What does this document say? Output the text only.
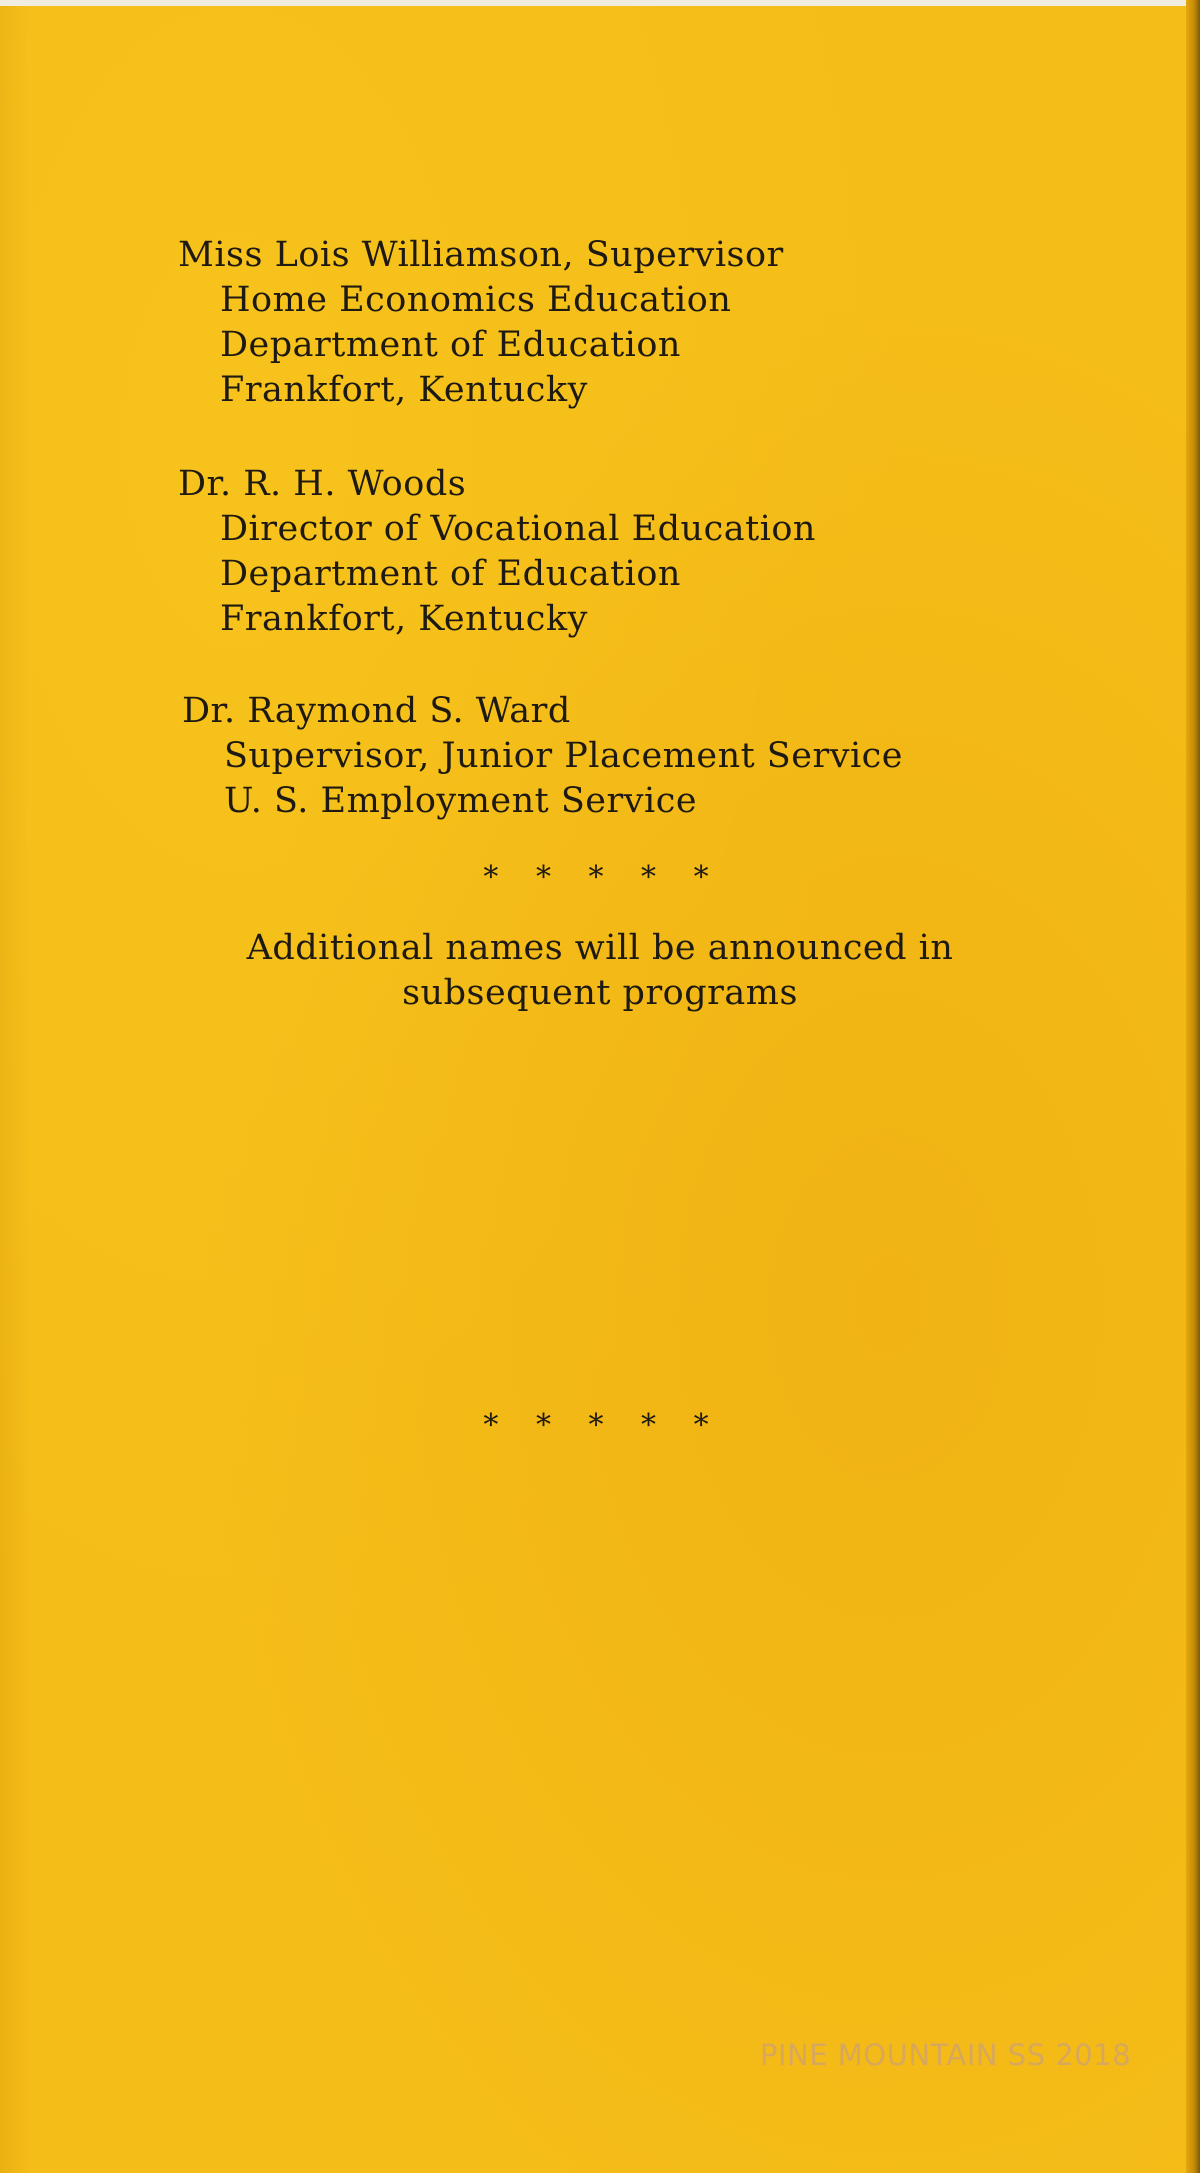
Miss Lois Williamson, Supervisor
Home Economics Education
Department of Education
Frankfort, Kentucky
Dr. R. H. Woods
Director of Vocational Education
Department of Education
Frankfort, Kentucky
Dr. Raymond S. Ward
Supervisor, Junior Placement Service
U. S. Employment Service
* * * * *
Additional names will be announced in
subsequent programs
* * * * *
PINE MOUNTAIN SS 2018
